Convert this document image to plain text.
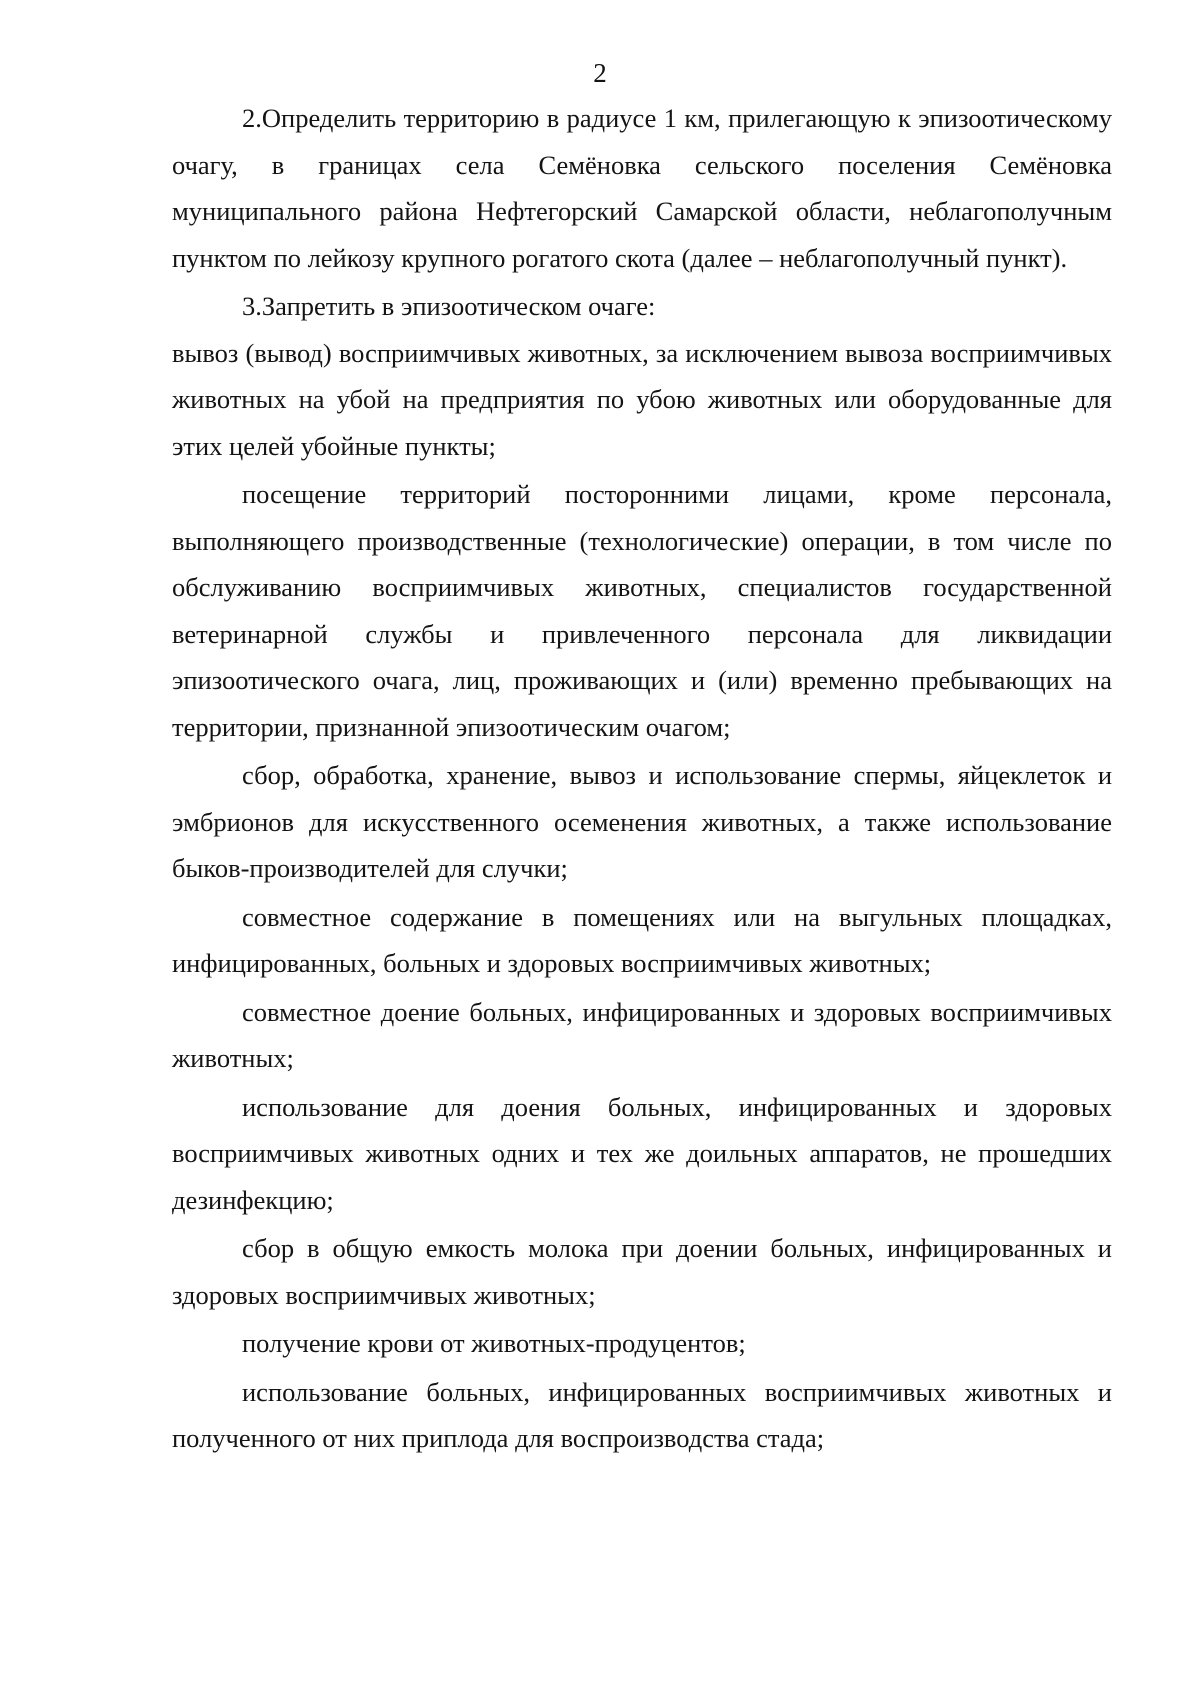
2

2.Определить территорию в радиусе 1 км, прилегающую к эпизоотическому очагу, в границах села Семёновка сельского поселения Семёновка муниципального района Нефтегорский Самарской области, неблагополучным пунктом по лейкозу крупного рогатого скота (далее – неблагополучный пункт).

3.Запретить в эпизоотическом очаге:

вывоз (вывод) восприимчивых животных, за исключением вывоза восприимчивых животных на убой на предприятия по убою животных или оборудованные для этих целей убойные пункты;

посещение территорий посторонними лицами, кроме персонала, выполняющего производственные (технологические) операции, в том числе по обслуживанию восприимчивых животных, специалистов государственной ветеринарной службы и привлеченного персонала для ликвидации эпизоотического очага, лиц, проживающих и (или) временно пребывающих на территории, признанной эпизоотическим очагом;

сбор, обработка, хранение, вывоз и использование спермы, яйцеклеток и эмбрионов для искусственного осеменения животных, а также использование быков-производителей для случки;

совместное содержание в помещениях или на выгульных площадках, инфицированных, больных и здоровых восприимчивых животных;

совместное доение больных, инфицированных и здоровых восприимчивых животных;

использование для доения больных, инфицированных и здоровых восприимчивых животных одних и тех же доильных аппаратов, не прошедших дезинфекцию;

сбор в общую емкость молока при доении больных, инфицированных и здоровых восприимчивых животных;

получение крови от животных-продуцентов;

использование больных, инфицированных восприимчивых животных и полученного от них приплода для воспроизводства стада;
